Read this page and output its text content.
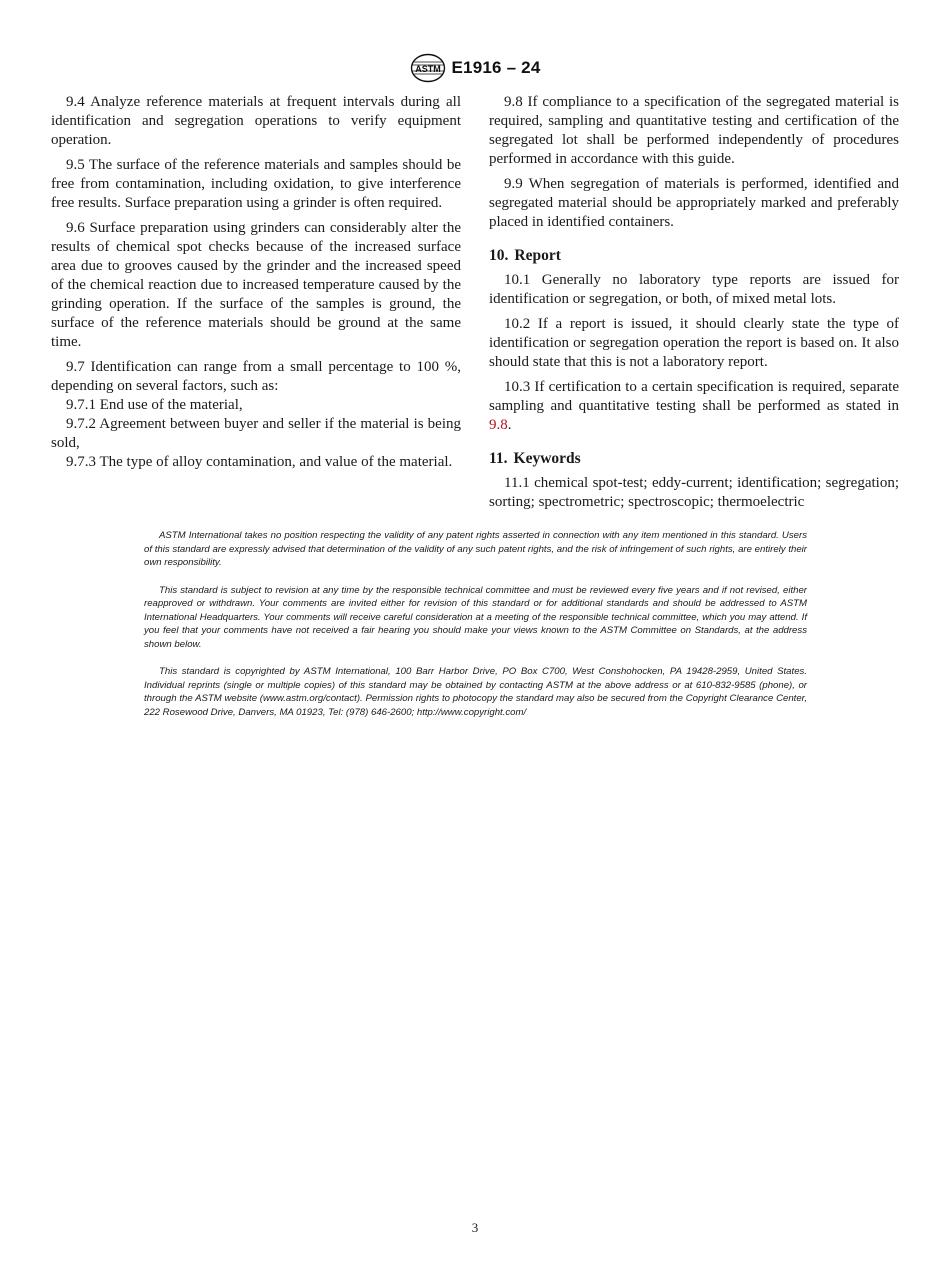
ASTM E1916 – 24

9.4 Analyze reference materials at frequent intervals during all identification and segregation operations to verify equipment operation.

9.5 The surface of the reference materials and samples should be free from contamination, including oxidation, to give interference free results. Surface preparation using a grinder is often required.

9.6 Surface preparation using grinders can considerably alter the results of chemical spot checks because of the increased surface area due to grooves caused by the grinder and the increased speed of the chemical reaction due to increased temperature caused by the grinding operation. If the surface of the samples is ground, the surface of the reference materials should be ground at the same time.

9.7 Identification can range from a small percentage to 100 %, depending on several factors, such as:

9.7.1 End use of the material,

9.7.2 Agreement between buyer and seller if the material is being sold,

9.7.3 The type of alloy contamination, and value of the material.

9.8 If compliance to a specification of the segregated material is required, sampling and quantitative testing and certification of the segregated lot shall be performed independently of procedures performed in accordance with this guide.

9.9 When segregation of materials is performed, identified and segregated material should be appropriately marked and preferably placed in identified containers.

10. Report

10.1 Generally no laboratory type reports are issued for identification or segregation, or both, of mixed metal lots.

10.2 If a report is issued, it should clearly state the type of identification or segregation operation the report is based on. It also should state that this is not a laboratory report.

10.3 If certification to a certain specification is required, separate sampling and quantitative testing shall be performed as stated in 9.8.

11. Keywords

11.1 chemical spot-test; eddy-current; identification; segregation; sorting; spectrometric; spectroscopic; thermoelectric

ASTM International takes no position respecting the validity of any patent rights asserted in connection with any item mentioned in this standard. Users of this standard are expressly advised that determination of the validity of any such patent rights, and the risk of infringement of such rights, are entirely their own responsibility.

This standard is subject to revision at any time by the responsible technical committee and must be reviewed every five years and if not revised, either reapproved or withdrawn. Your comments are invited either for revision of this standard or for additional standards and should be addressed to ASTM International Headquarters. Your comments will receive careful consideration at a meeting of the responsible technical committee, which you may attend. If you feel that your comments have not received a fair hearing you should make your views known to the ASTM Committee on Standards, at the address shown below.

This standard is copyrighted by ASTM International, 100 Barr Harbor Drive, PO Box C700, West Conshohocken, PA 19428-2959, United States. Individual reprints (single or multiple copies) of this standard may be obtained by contacting ASTM at the above address or at 610-832-9585 (phone), or through the ASTM website (www.astm.org/contact). Permission rights to photocopy the standard may also be secured from the Copyright Clearance Center, 222 Rosewood Drive, Danvers, MA 01923, Tel: (978) 646-2600; http://www.copyright.com/

3
